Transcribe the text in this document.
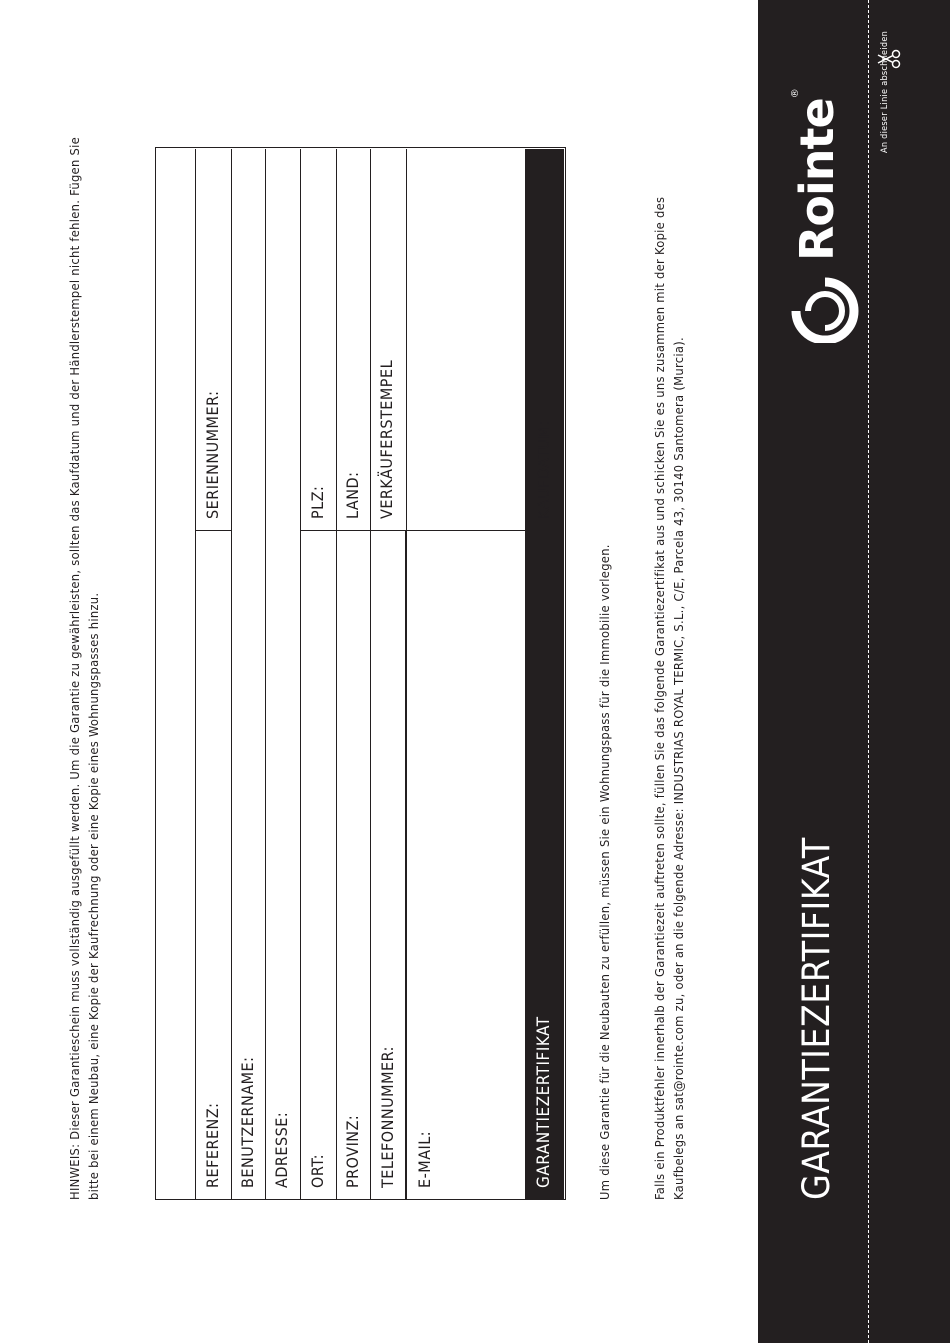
An dieser Linie abschneiden
GARANTIEZERTIFIKAT
Rointe®

Falls ein Produktfehler innerhalb der Garantiezeit auftreten sollte, füllen Sie das folgende Garantiezertifikat aus und schicken Sie es uns zusammen mit der Kopie des Kaufbelegs an sat@rointe.com zu, oder an die folgende Adresse: INDUSTRIAS ROYAL TERMIC, S.L., C/E, Parcela 43, 30140 Santomera (Murcia).

Um diese Garantie für die Neubauten zu erfüllen, müssen Sie ein Wohnungspass für die Immobilie vorlegen.

GARANTIEZERTIFIKAT
REFERENZ:
SERIENNUMMER:
BENUTZERNAME: ADRESSE: ORT:
PLZ:
PROVINZ:
LAND:
TELEFONNUMMER:
VERKÄUFERSTEMPEL
E-MAIL:
KAUFDATUM:

HINWEIS: Dieser Garantieschein muss vollständig ausgefüllt werden. Um die Garantie zu gewährleisten, sollten das Kaufdatum und der Händlerstempel nicht fehlen. Fügen Sie bitte bei einem Neubau, eine Kopie der Kaufrechnung oder eine Kopie eines Wohnungspasses hinzu.
